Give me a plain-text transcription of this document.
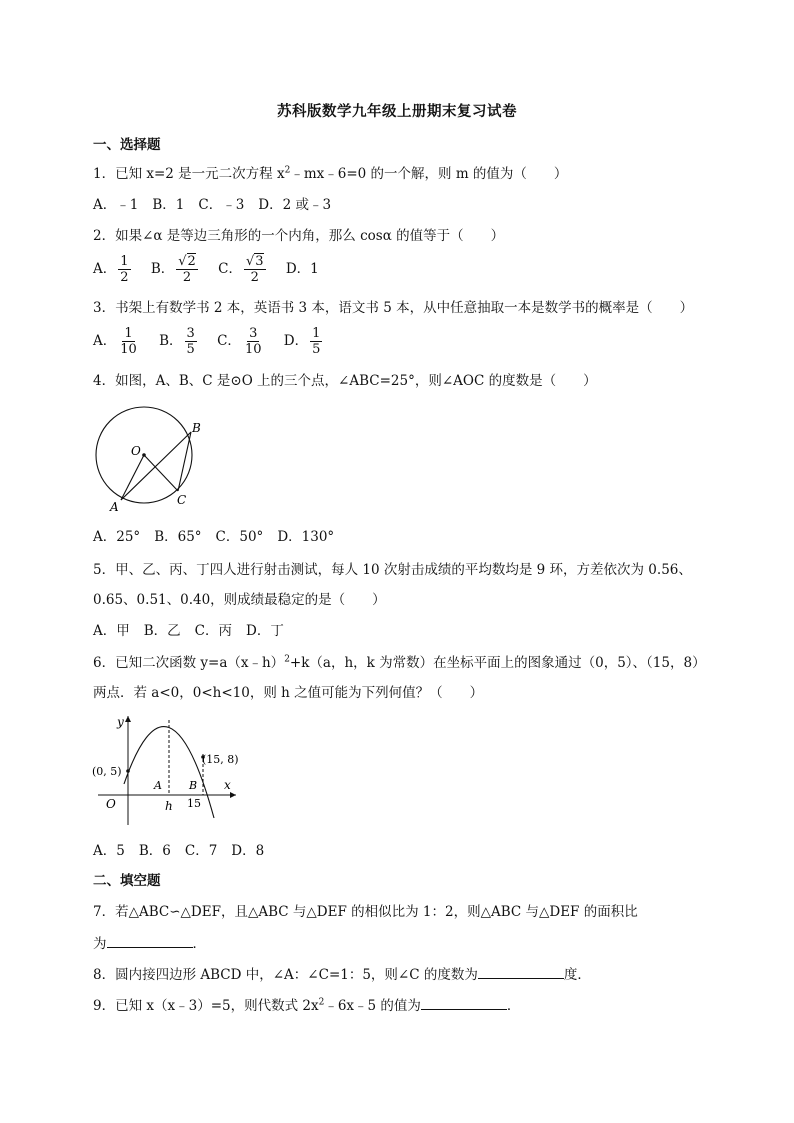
苏科版数学九年级上册期末复习试卷
一、选择题
1．已知 x=2 是一元二次方程 $x^2﹣mx﹣6=0$ 的一个解，则 m 的值为（　　）
A．﹣1 B．1 C．﹣3 D．2 或﹣3
2．如果∠α 是等边三角形的一个内角，那么 cosα 的值等于（　　）
A． $\frac{1}{2}$ B． $\frac{√2}{2}$ C． $\frac{√3}{2}$ D．1
3．书架上有数学书 2 本，英语书 3 本，语文书 5 本，从中任意抽取一本是数学书的概率是（　　）
A． $\frac{1}{10}$ B． $\frac{3}{5}$ C． $\frac{3}{10}$ D． $\frac{1}{5}$
4．如图，A、B、C 是⊙O 上的三个点，∠ABC=25°，则∠AOC 的度数是（　　）
O
A
B
C
A．25° B．65° C．50° D．130°
5．甲、乙、丙、丁四人进行射击测试，每人 10 次射击成绩的平均数均是 9 环，方差依次为 0.56、
0.65、0.51、0.40，则成绩最稳定的是（　　）
A．甲 B．乙 C．丙 D．丁
6．已知二次函数 y=a（x﹣h）$^2$+k（a，h，k 为常数）在坐标平面上的图象通过（0，5）、（15，8）
两点．若 a<0，0<h<10，则 h 之值可能为下列何值？（　　）
y
x
O
(0, 5)
(15, 8)
A B
h 15
A．5 B．6 C．7 D．8
二、填空题
7．若△ABC∽△DEF，且△ABC 与△DEF 的相似比为 1：2，则△ABC 与△DEF 的面积比
为	．
8．圆内接四边形 ABCD 中，∠A：∠C=1：5，则∠C 的度数为	度．
9．已知 x（x﹣3）=5，则代数式 $2x^2﹣6x﹣5$ 的值为	．
